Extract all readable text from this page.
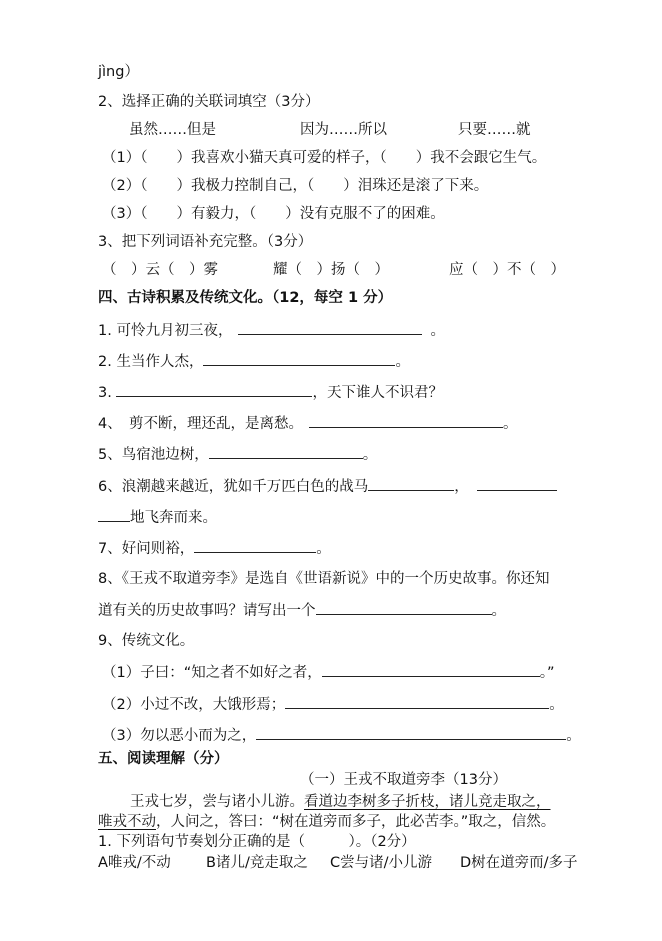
jìng）
2、选择正确的关联词填空（3分）
虽然……但是	因为……所以	只要……就
（1）（　　）我喜欢小猫天真可爱的样子，（　　）我不会跟它生气。
（2）（　　）我极力控制自己，（　　）泪珠还是滚了下来。
（3）（　　）有毅力，（　　）没有克服不了的困难。
3、把下列词语补充完整。（3分）
（　）云（　）雾	耀（　）扬（　）	应（　）不（　）
四、古诗积累及传统文化。（12，每空 1 分）
1. 可怜九月初三夜，	。
2. 生当作人杰，	。
3.	，天下谁人不识君？
4、　剪不断，理还乱，是离愁。	。
5、鸟宿池边树，	。
6、浪潮越来越近，犹如千万匹白色的战马	，
地飞奔而来。
7、好问则裕，	。
8、《王戎不取道旁李》是选自《世语新说》中的一个历史故事。你还知
道有关的历史故事吗？请写出一个	。
9、传统文化。
（1）子曰：“知之者不如好之者，	。”
（2）小过不改，大饿形焉；	。
（3）勿以恶小而为之，	。
五、阅读理解（分）
（一）王戎不取道旁李（13分）
王戎七岁，尝与诸小儿游。看道边李树多子折枝，诸儿竞走取之，
唯戎不动，人问之，答曰：“树在道旁而多子，此必苦李。”取之，信然。
1. 下列语句节奏划分正确的是（　　　）。（2分）
A唯戎/不动 B诸儿/竞走取之 C尝与诸/小儿游 D树在道旁而/多子
